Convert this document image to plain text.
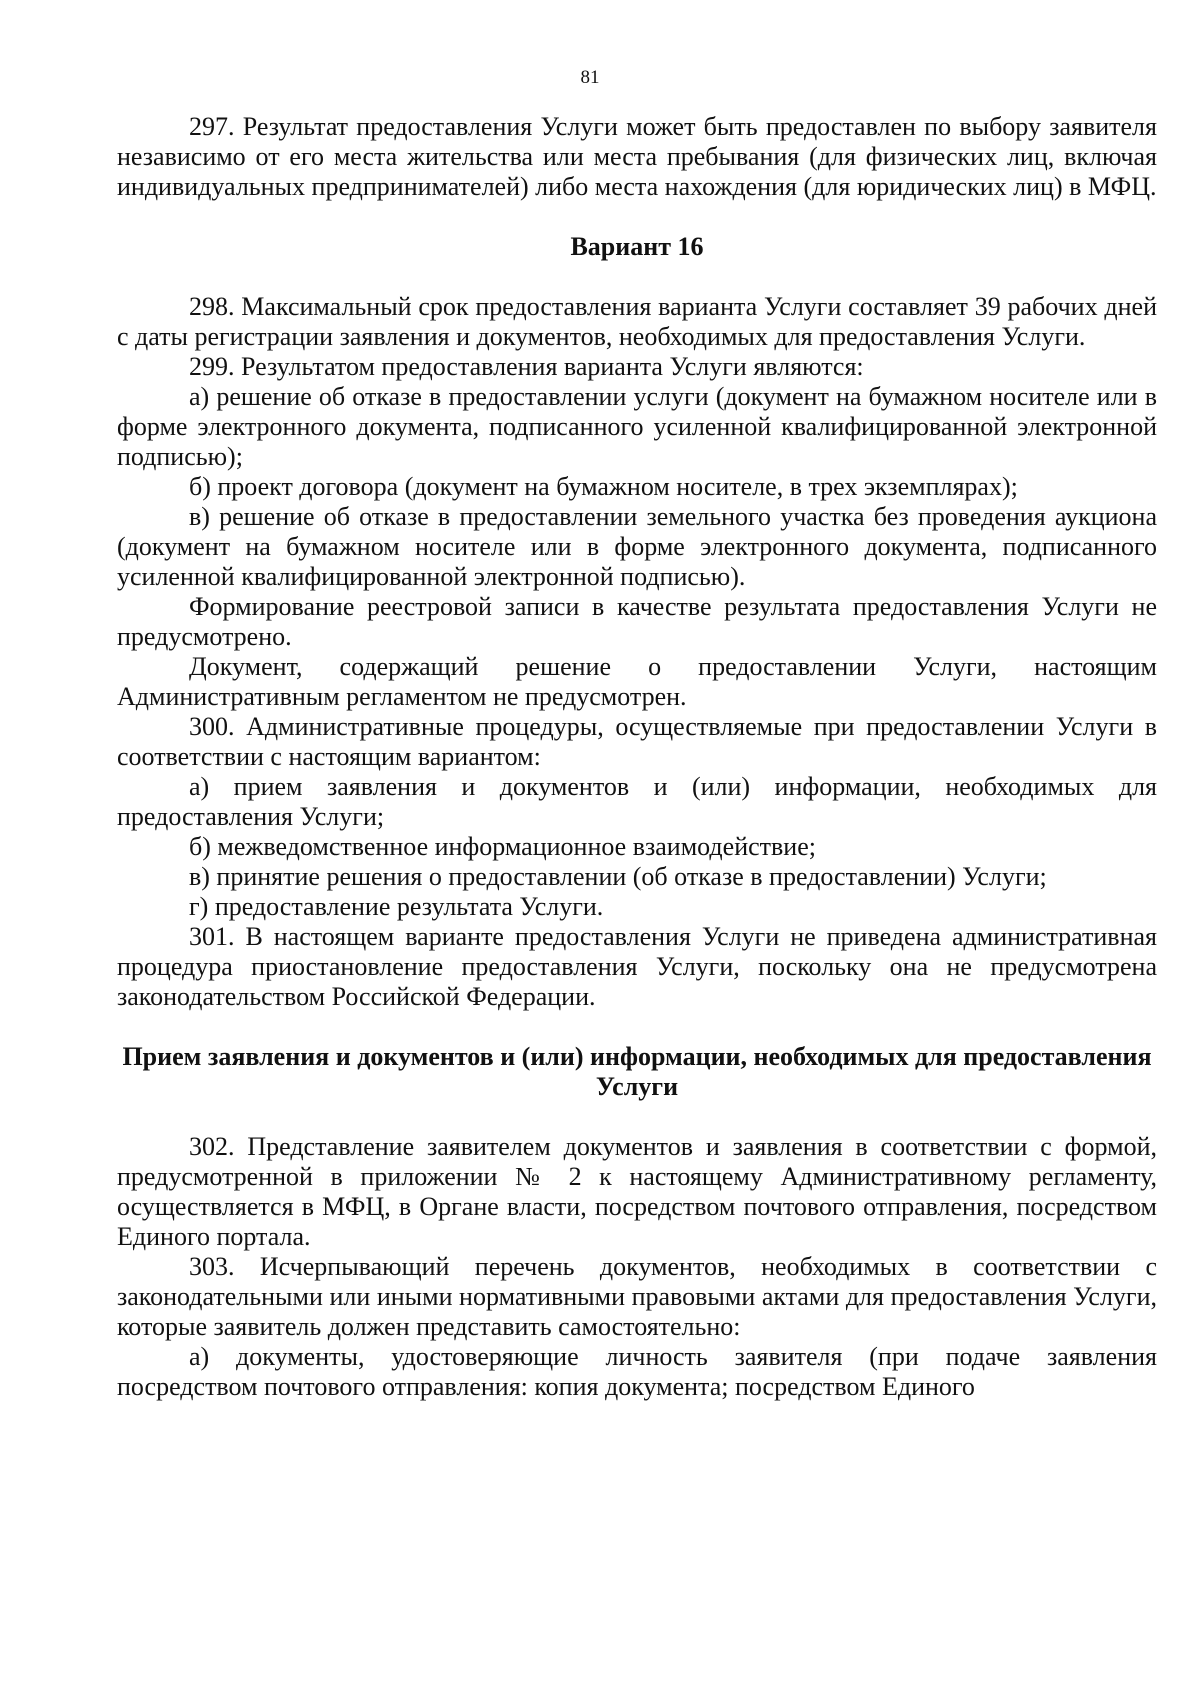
81

297. Результат предоставления Услуги может быть предоставлен по выбору заявителя независимо от его места жительства или места пребывания (для физических лиц, включая индивидуальных предпринимателей) либо места нахождения (для юридических лиц) в МФЦ.

Вариант 16

298. Максимальный срок предоставления варианта Услуги составляет 39 рабочих дней с даты регистрации заявления и документов, необходимых для предоставления Услуги.

299. Результатом предоставления варианта Услуги являются:

а) решение об отказе в предоставлении услуги (документ на бумажном носителе или в форме электронного документа, подписанного усиленной квалифицированной электронной подписью);

б) проект договора (документ на бумажном носителе, в трех экземплярах);

в) решение об отказе в предоставлении земельного участка без проведения аукциона (документ на бумажном носителе или в форме электронного документа, подписанного усиленной квалифицированной электронной подписью).

Формирование реестровой записи в качестве результата предоставления Услуги не предусмотрено.

Документ, содержащий решение о предоставлении Услуги, настоящим Административным регламентом не предусмотрен.

300. Административные процедуры, осуществляемые при предоставлении Услуги в соответствии с настоящим вариантом:

а) прием заявления и документов и (или) информации, необходимых для предоставления Услуги;

б) межведомственное информационное взаимодействие;

в) принятие решения о предоставлении (об отказе в предоставлении) Услуги;

г) предоставление результата Услуги.

301. В настоящем варианте предоставления Услуги не приведена административная процедура приостановление предоставления Услуги, поскольку она не предусмотрена законодательством Российской Федерации.

Прием заявления и документов и (или) информации, необходимых для предоставления Услуги

302. Представление заявителем документов и заявления в соответствии с формой, предусмотренной в приложении № 2 к настоящему Административному регламенту, осуществляется в МФЦ, в Органе власти, посредством почтового отправления, посредством Единого портала.

303. Исчерпывающий перечень документов, необходимых в соответствии с законодательными или иными нормативными правовыми актами для предоставления Услуги, которые заявитель должен представить самостоятельно:

а) документы, удостоверяющие личность заявителя (при подаче заявления посредством почтового отправления: копия документа; посредством Единого
